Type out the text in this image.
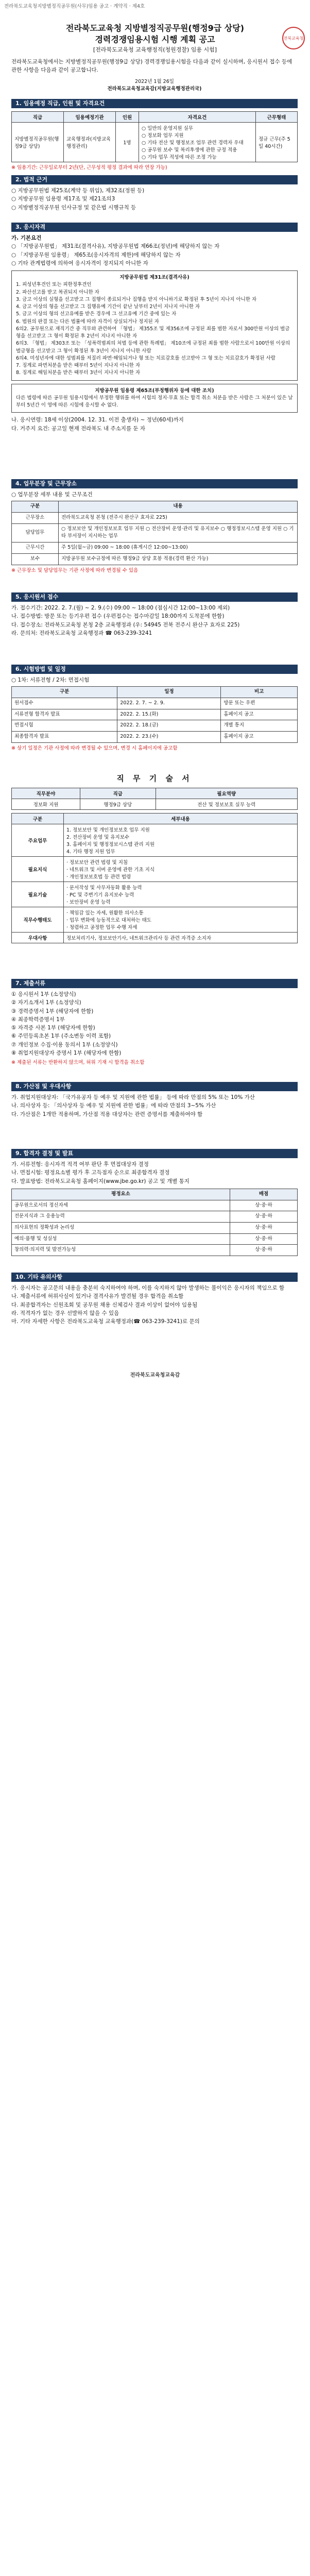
전라북도교육청지방별정직공무원(사무)임용 공고 · 계약직 · 제4호
전북교육청
전라북도교육청 지방별정직공무원(행정9급 상당)
경력경쟁임용시험 시행 계획 공고
[전라북도교육청 교육행정직(청원경찰) 임용 시험]
전라북도교육청에서는 지방별정직공무원(행정9급 상당) 경력경쟁임용시험을 다음과 같이 실시하며, 응시원서 접수 등에 관한 사항을 다음과 같이 공고합니다.
2022년 1월 26일
전라북도교육청교육감(지방교육행정관리국)
1. 임용예정 직급, 인원 및 자격요건
직급	임용예정기관	인원	자격요건	근무형태
지방별정직공무원(행정9급 상당)	교육행정과(지방교육행정관리)	1명	○ 일반의 운영지원 실무
○ 정보화 업무 지원
○ 기타 전산 및 행정보조 업무 관련 경력자 우대
○ 공무원 보수 및 복리후생에 관한 규정 적용
○ 기타 업무 적성에 따른 조정 가능	정규 근무(주 5일 40시간)
※ 임용기간: 근무일로부터 2년(단, 근무성적 평정 결과에 따라 연장 가능)
2. 법적 근거
○ 지방공무원법 제25조(계약 등 위임), 제32조(정원 등)
○ 지방공무원 임용령 제17조 및 제21조의3
○ 지방별정직공무원 인사규정 및 같은법 시행규칙 등
3. 응시자격
가. 기본요건
○ 「지방공무원법」 제31조(결격사유), 지방공무원법 제66조(정년)에 해당하지 않는 자
○ 「지방공무원 임용령」 제65조(응시자격의 제한)에 해당하지 않는 자
○ 기타 관계법령에 의하여 응시자격이 정지되지 아니한 자
지방공무원법 제31조(결격사유)
1. 피성년후견인 또는 피한정후견인
2. 파산선고를 받고 복권되지 아니한 자
3. 금고 이상의 실형을 선고받고 그 집행이 종료되거나 집행을 받지 아니하기로 확정된 후 5년이 지나지 아니한 자
4. 금고 이상의 형을 선고받고 그 집행유예 기간이 끝난 날부터 2년이 지나지 아니한 자
5. 금고 이상의 형의 선고유예를 받은 경우에 그 선고유예 기간 중에 있는 자
6. 법원의 판결 또는 다른 법률에 따라 자격이 상실되거나 정지된 자
6의2. 공무원으로 재직기간 중 직무와 관련하여 「형법」 제355조 및 제356조에 규정된 죄를 범한 자로서 300만원 이상의 벌금형을 선고받고 그 형이 확정된 후 2년이 지나지 아니한 자
6의3. 「형법」 제303조 또는 「성폭력범죄의 처벌 등에 관한 특례법」 제10조에 규정된 죄를 범한 사람으로서 100만원 이상의 벌금형을 선고받고 그 형이 확정된 후 3년이 지나지 아니한 사람
6의4. 미성년자에 대한 성범죄를 저질러 파면·해임되거나 형 또는 치료감호를 선고받아 그 형 또는 치료감호가 확정된 사람
7. 징계로 파면처분을 받은 때부터 5년이 지나지 아니한 자
8. 징계로 해임처분을 받은 때부터 3년이 지나지 아니한 자
지방공무원 임용령 제65조(부정행위자 등에 대한 조치)
다른 법령에 따른 공무원 임용시험에서 부정한 행위를 하여 시험의 정지·무효 또는 합격 취소 처분을 받은 사람은 그 처분이 있은 날부터 5년간 이 영에 따른 시험에 응시할 수 없다.
나. 응시연령: 18세 이상(2004. 12. 31. 이전 출생자) ~ 정년(60세)까지
다. 거주지 요건: 공고일 현재 전라북도 내 주소지를 둔 자
4. 업무분장 및 근무장소
○ 업무분장 세부 내용 및 근무조건
구분	내용
근무장소	전라북도교육청 본청 (전주시 완산구 효자로 225)
담당업무	○ 정보보안 및 개인정보보호 업무 지원 ○ 전산장비 운영·관리 및 유지보수 ○ 행정정보시스템 운영 지원 ○ 기타 부서장이 지시하는 업무
근무시간	주 5일(월~금) 09:00 ~ 18:00 (휴게시간 12:00~13:00)
보수	지방공무원 보수규정에 따른 행정9급 상당 호봉 적용(경력 환산 가능)
※ 근무장소 및 담당업무는 기관 사정에 따라 변경될 수 있음
5. 응시원서 접수
가. 접수기간: 2022. 2. 7.(월) ~ 2. 9.(수) 09:00 ~ 18:00 (점심시간 12:00~13:00 제외)
나. 접수방법: 방문 또는 등기우편 접수 (우편접수는 접수마감일 18:00까지 도착분에 한함)
다. 접수장소: 전라북도교육청 본청 2층 교육행정과 (우: 54945 전북 전주시 완산구 효자로 225)
라. 문의처: 전라북도교육청 교육행정과 ☎ 063-239-3241
6. 시험방법 및 일정
○ 1차: 서류전형 / 2차: 면접시험
구분	일정	비고
원서접수	2022. 2. 7. ~ 2. 9.	방문 또는 우편
서류전형 합격자 발표	2022. 2. 15.(화)	홈페이지 공고
면접시험	2022. 2. 18.(금)	개별 통지
최종합격자 발표	2022. 2. 23.(수)	홈페이지 공고
※ 상기 일정은 기관 사정에 따라 변경될 수 있으며, 변경 시 홈페이지에 공고함
직 무 기 술 서
직무분야	직급	필요역량
정보화 지원	행정9급 상당	전산 및 정보보호 실무 능력
구분	세부내용
주요업무	1. 정보보안 및 개인정보보호 업무 지원
2. 전산장비 운영 및 유지보수
3. 홈페이지 및 행정정보시스템 관리 지원
4. 기타 행정 지원 업무

필요지식	· 정보보안 관련 법령 및 지침
· 네트워크 및 서버 운영에 관한 기초 지식
· 개인정보보호법 등 관련 법령

필요기술	· 문서작성 및 사무자동화 활용 능력
· PC 및 주변기기 유지보수 능력
· 보안장비 운영 능력

직무수행태도	· 책임감 있는 자세, 원활한 의사소통
· 업무 변화에 능동적으로 대처하는 태도
· 청렴하고 공정한 업무 수행 자세

우대사항	정보처리기사, 정보보안기사, 네트워크관리사 등 관련 자격증 소지자
7. 제출서류
① 응시원서 1부 (소정양식)
② 자기소개서 1부 (소정양식)
③ 경력증명서 1부 (해당자에 한함)
④ 최종학력증명서 1부
⑤ 자격증 사본 1부 (해당자에 한함)
⑥ 주민등록초본 1부 (주소변동 이력 포함)
⑦ 개인정보 수집·이용 동의서 1부 (소정양식)
⑧ 취업지원대상자 증명서 1부 (해당자에 한함)
※ 제출된 서류는 반환하지 않으며, 허위 기재 시 합격을 취소함
8. 가산점 및 우대사항
가. 취업지원대상자: 「국가유공자 등 예우 및 지원에 관한 법률」 등에 따라 만점의 5% 또는 10% 가산
나. 의사상자 등: 「의사상자 등 예우 및 지원에 관한 법률」에 따라 만점의 3~5% 가산
다. 가산점은 1개만 적용하며, 가산점 적용 대상자는 관련 증명서를 제출하여야 함
9. 합격자 결정 및 발표
가. 서류전형: 응시자격 적격 여부 판단 후 면접대상자 결정
나. 면접시험: 평정요소별 평가 후 고득점자 순으로 최종합격자 결정
다. 발표방법: 전라북도교육청 홈페이지(www.jbe.go.kr) 공고 및 개별 통지
평정요소	배점
공무원으로서의 정신자세	상·중·하
전문지식과 그 응용능력	상·중·하
의사표현의 정확성과 논리성	상·중·하
예의·품행 및 성실성	상·중·하
창의력·의지력 및 발전가능성	상·중·하
10. 기타 유의사항
가. 응시자는 공고문의 내용을 충분히 숙지하여야 하며, 이를 숙지하지 않아 발생하는 불이익은 응시자의 책임으로 함
나. 제출서류에 허위사실이 있거나 결격사유가 발견될 경우 합격을 취소함
다. 최종합격자는 신원조회 및 공무원 채용 신체검사 결과 이상이 없어야 임용됨
라. 적격자가 없는 경우 선발하지 않을 수 있음
마. 기타 자세한 사항은 전라북도교육청 교육행정과(☎ 063-239-3241)로 문의
전라북도교육청교육감
